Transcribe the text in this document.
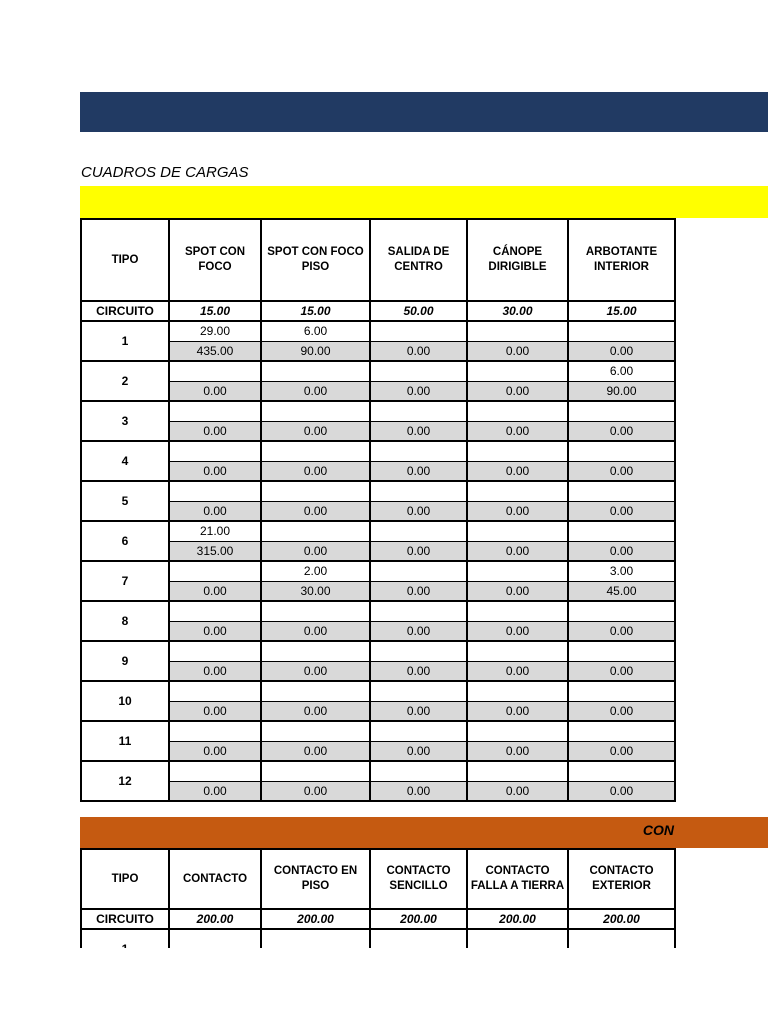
CUADROS DE CARGAS
TIPO	SPOT CON FOCO	SPOT CON FOCO PISO	SALIDA DE CENTRO	CÁNOPE DIRIGIBLE	ARBOTANTE INTERIOR
CIRCUITO	15.00	15.00	50.00	30.00	15.00
1	29.00	6.00			
	435.00	90.00	0.00	0.00	0.00
2					6.00
	0.00	0.00	0.00	0.00	90.00
3					
	0.00	0.00	0.00	0.00	0.00
4					
	0.00	0.00	0.00	0.00	0.00
5					
	0.00	0.00	0.00	0.00	0.00
6	21.00				
	315.00	0.00	0.00	0.00	0.00
7		2.00			3.00
	0.00	30.00	0.00	0.00	45.00
8					
	0.00	0.00	0.00	0.00	0.00
9					
	0.00	0.00	0.00	0.00	0.00
10					
	0.00	0.00	0.00	0.00	0.00
11					
	0.00	0.00	0.00	0.00	0.00
12					
	0.00	0.00	0.00	0.00	0.00
CON
TIPO	CONTACTO	CONTACTO EN PISO	CONTACTO SENCILLO	CONTACTO FALLA A TIERRA	CONTACTO EXTERIOR
CIRCUITO	200.00	200.00	200.00	200.00	200.00
